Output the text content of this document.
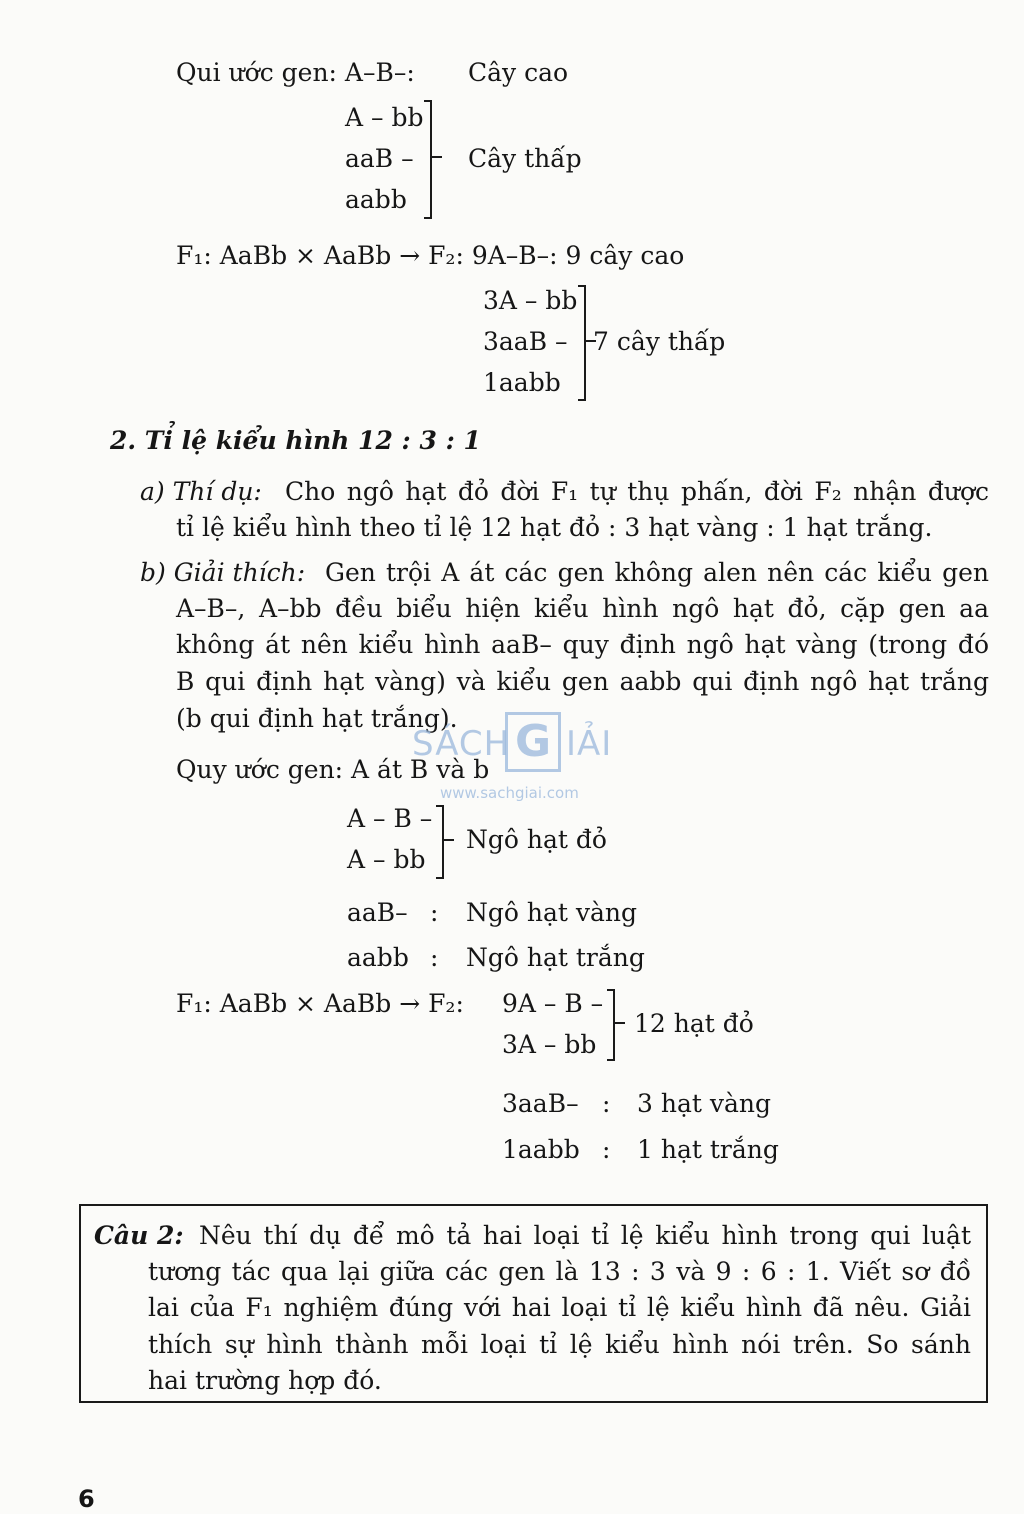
Qui ước gen: A–B–: Cây cao
A – bb
aaB –
aabb
Cây thấp
F₁: AaBb × AaBb → F₂: 9A–B–: 9 cây cao
3A – bb
3aaB –
1aabb
7 cây thấp
2. Tỉ lệ kiểu hình 12 : 3 : 1
a) Thí dụ: Cho ngô hạt đỏ đời F₁ tự thụ phấn, đời F₂ nhận được
tỉ lệ kiểu hình theo tỉ lệ 12 hạt đỏ : 3 hạt vàng : 1 hạt trắng.
b) Giải thích: Gen trội A át các gen không alen nên các kiểu gen
A–B–, A–bb đều biểu hiện kiểu hình ngô hạt đỏ, cặp gen aa
không át nên kiểu hình aaB– quy định ngô hạt vàng (trong đó
B qui định hạt vàng) và kiểu gen aabb qui định ngô hạt trắng
(b qui định hạt trắng).
SÁCH G IẢI
www.sachgiai.com
Quy ước gen: A át B và b
A – B –
A – bb
Ngô hạt đỏ
aaB– : Ngô hạt vàng
aabb : Ngô hạt trắng
F₁: AaBb × AaBb → F₂: 9A – B –
3A – bb
12 hạt đỏ
3aaB– : 3 hạt vàng
1aabb : 1 hạt trắng
Câu 2: Nêu thí dụ để mô tả hai loại tỉ lệ kiểu hình trong qui luật
tương tác qua lại giữa các gen là 13 : 3 và 9 : 6 : 1. Viết sơ đồ
lai của F₁ nghiệm đúng với hai loại tỉ lệ kiểu hình đã nêu. Giải
thích sự hình thành mỗi loại tỉ lệ kiểu hình nói trên. So sánh
hai trường hợp đó.
6
